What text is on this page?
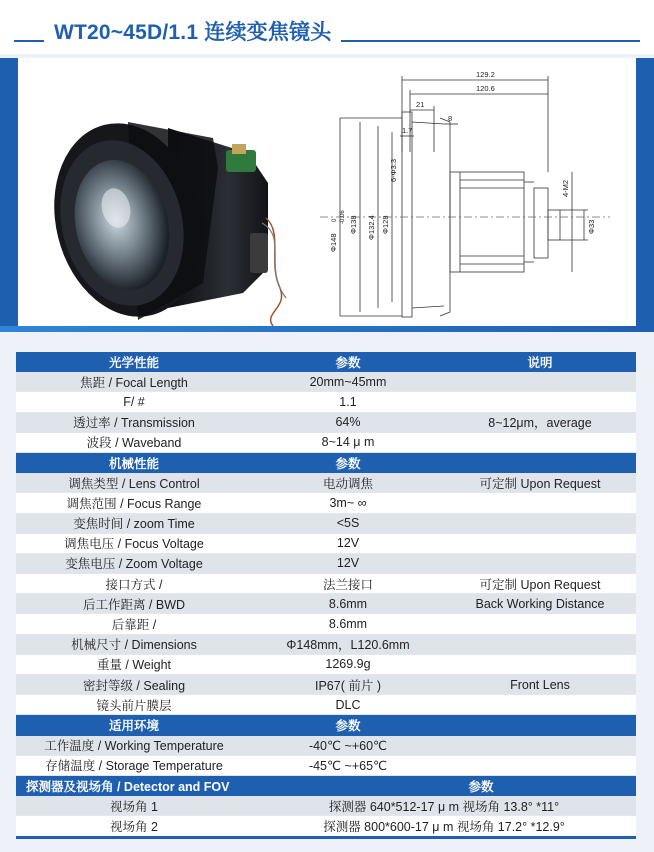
WT20~45D/1.1 连续变焦镜头
129.2
120.6
21
8
1.7
6-Φ3.3
4-M2
Φ148
0 -0.06 Φ138 Φ132.4 Φ128	Φ33
光学性能	参数	说明
焦距 / Focal Length	20mm~45mm
F/ #	1.1
透过率 / Transmission	64%	8~12μm，average
波段 / Waveband	8~14 μ m
机械性能	参数
调焦类型 / Lens Control	电动调焦	可定制 Upon Request
调焦范围 / Focus Range	3m~ ∞
变焦时间 / zoom Time	<5S
调焦电压 / Focus Voltage	12V
变焦电压 / Zoom Voltage	12V
接口方式 /	法兰接口	可定制 Upon Request
后工作距离 / BWD	8.6mm	Back Working Distance
后靠距 /	8.6mm
机械尺寸 / Dimensions	Φ148mm，L120.6mm
重量 / Weight	1269.9g
密封等级 / Sealing	IP67( 前片 )	Front Lens
镜头前片膜层	DLC
适用环境	参数
工作温度 / Working Temperature	-40℃ ~+60℃
存储温度 / Storage Temperature	-45℃ ~+65℃
探测器及视场角 / Detector and FOV	参数
视场角 1	探测器 640*512-17 μ m 视场角 13.8° *11°
视场角 2	探测器 800*600-17 μ m 视场角 17.2° *12.9°
